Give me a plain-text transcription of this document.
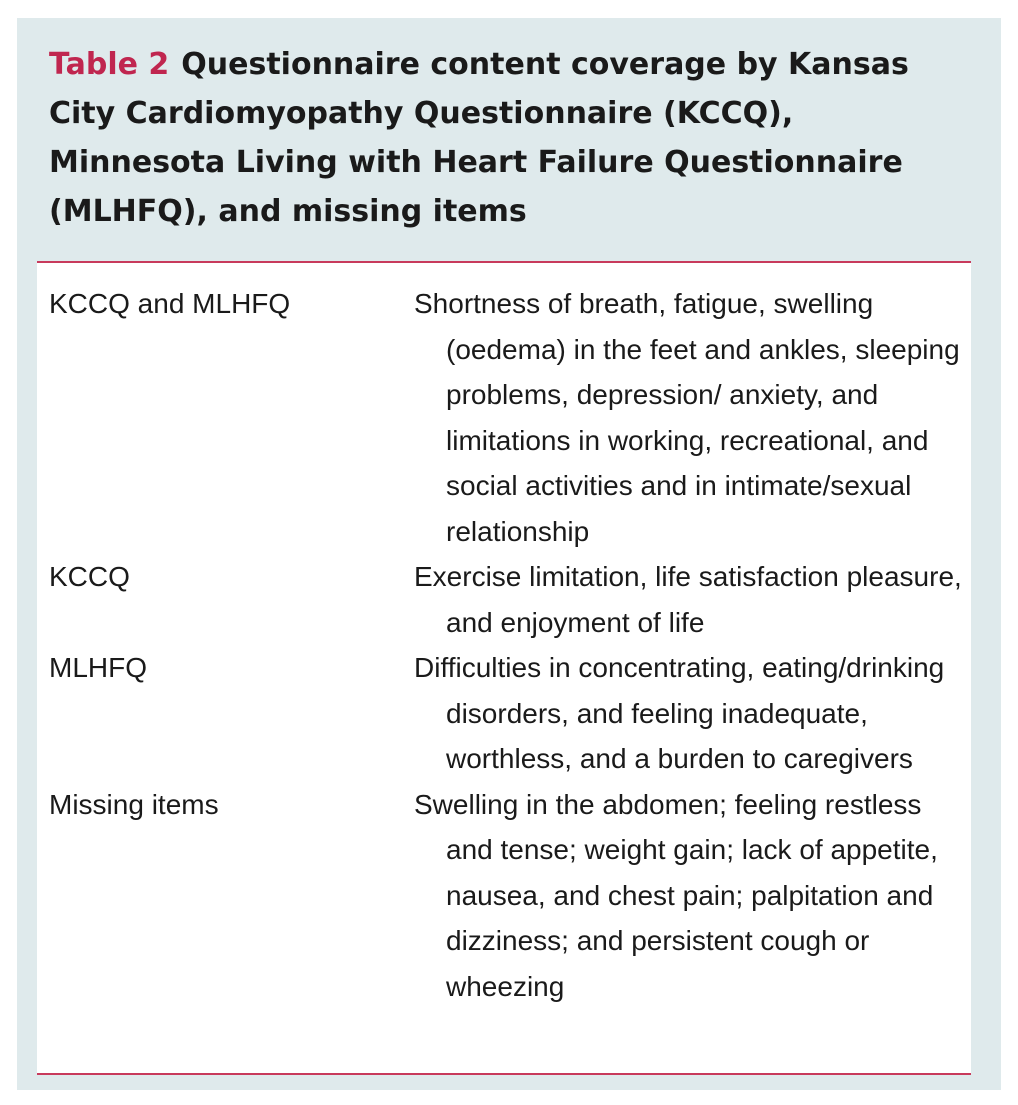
Table 2 Questionnaire content coverage by Kansas City Cardiomyopathy Questionnaire (KCCQ), Minnesota Living with Heart Failure Questionnaire (MLHFQ), and missing items

KCCQ and MLHFQ	Shortness of breath, fatigue, swelling (oedema) in the feet and ankles, sleeping problems, depression/ anxiety, and limitations in working, recreational, and social activities and in intimate/sexual relationship
KCCQ	Exercise limitation, life satisfaction pleasure, and enjoyment of life
MLHFQ	Difficulties in concentrating, eating/drinking disorders, and feeling inadequate, worthless, and a burden to caregivers
Missing items	Swelling in the abdomen; feeling restless and tense; weight gain; lack of appetite, nausea, and chest pain; palpitation and dizziness; and persistent cough or wheezing
